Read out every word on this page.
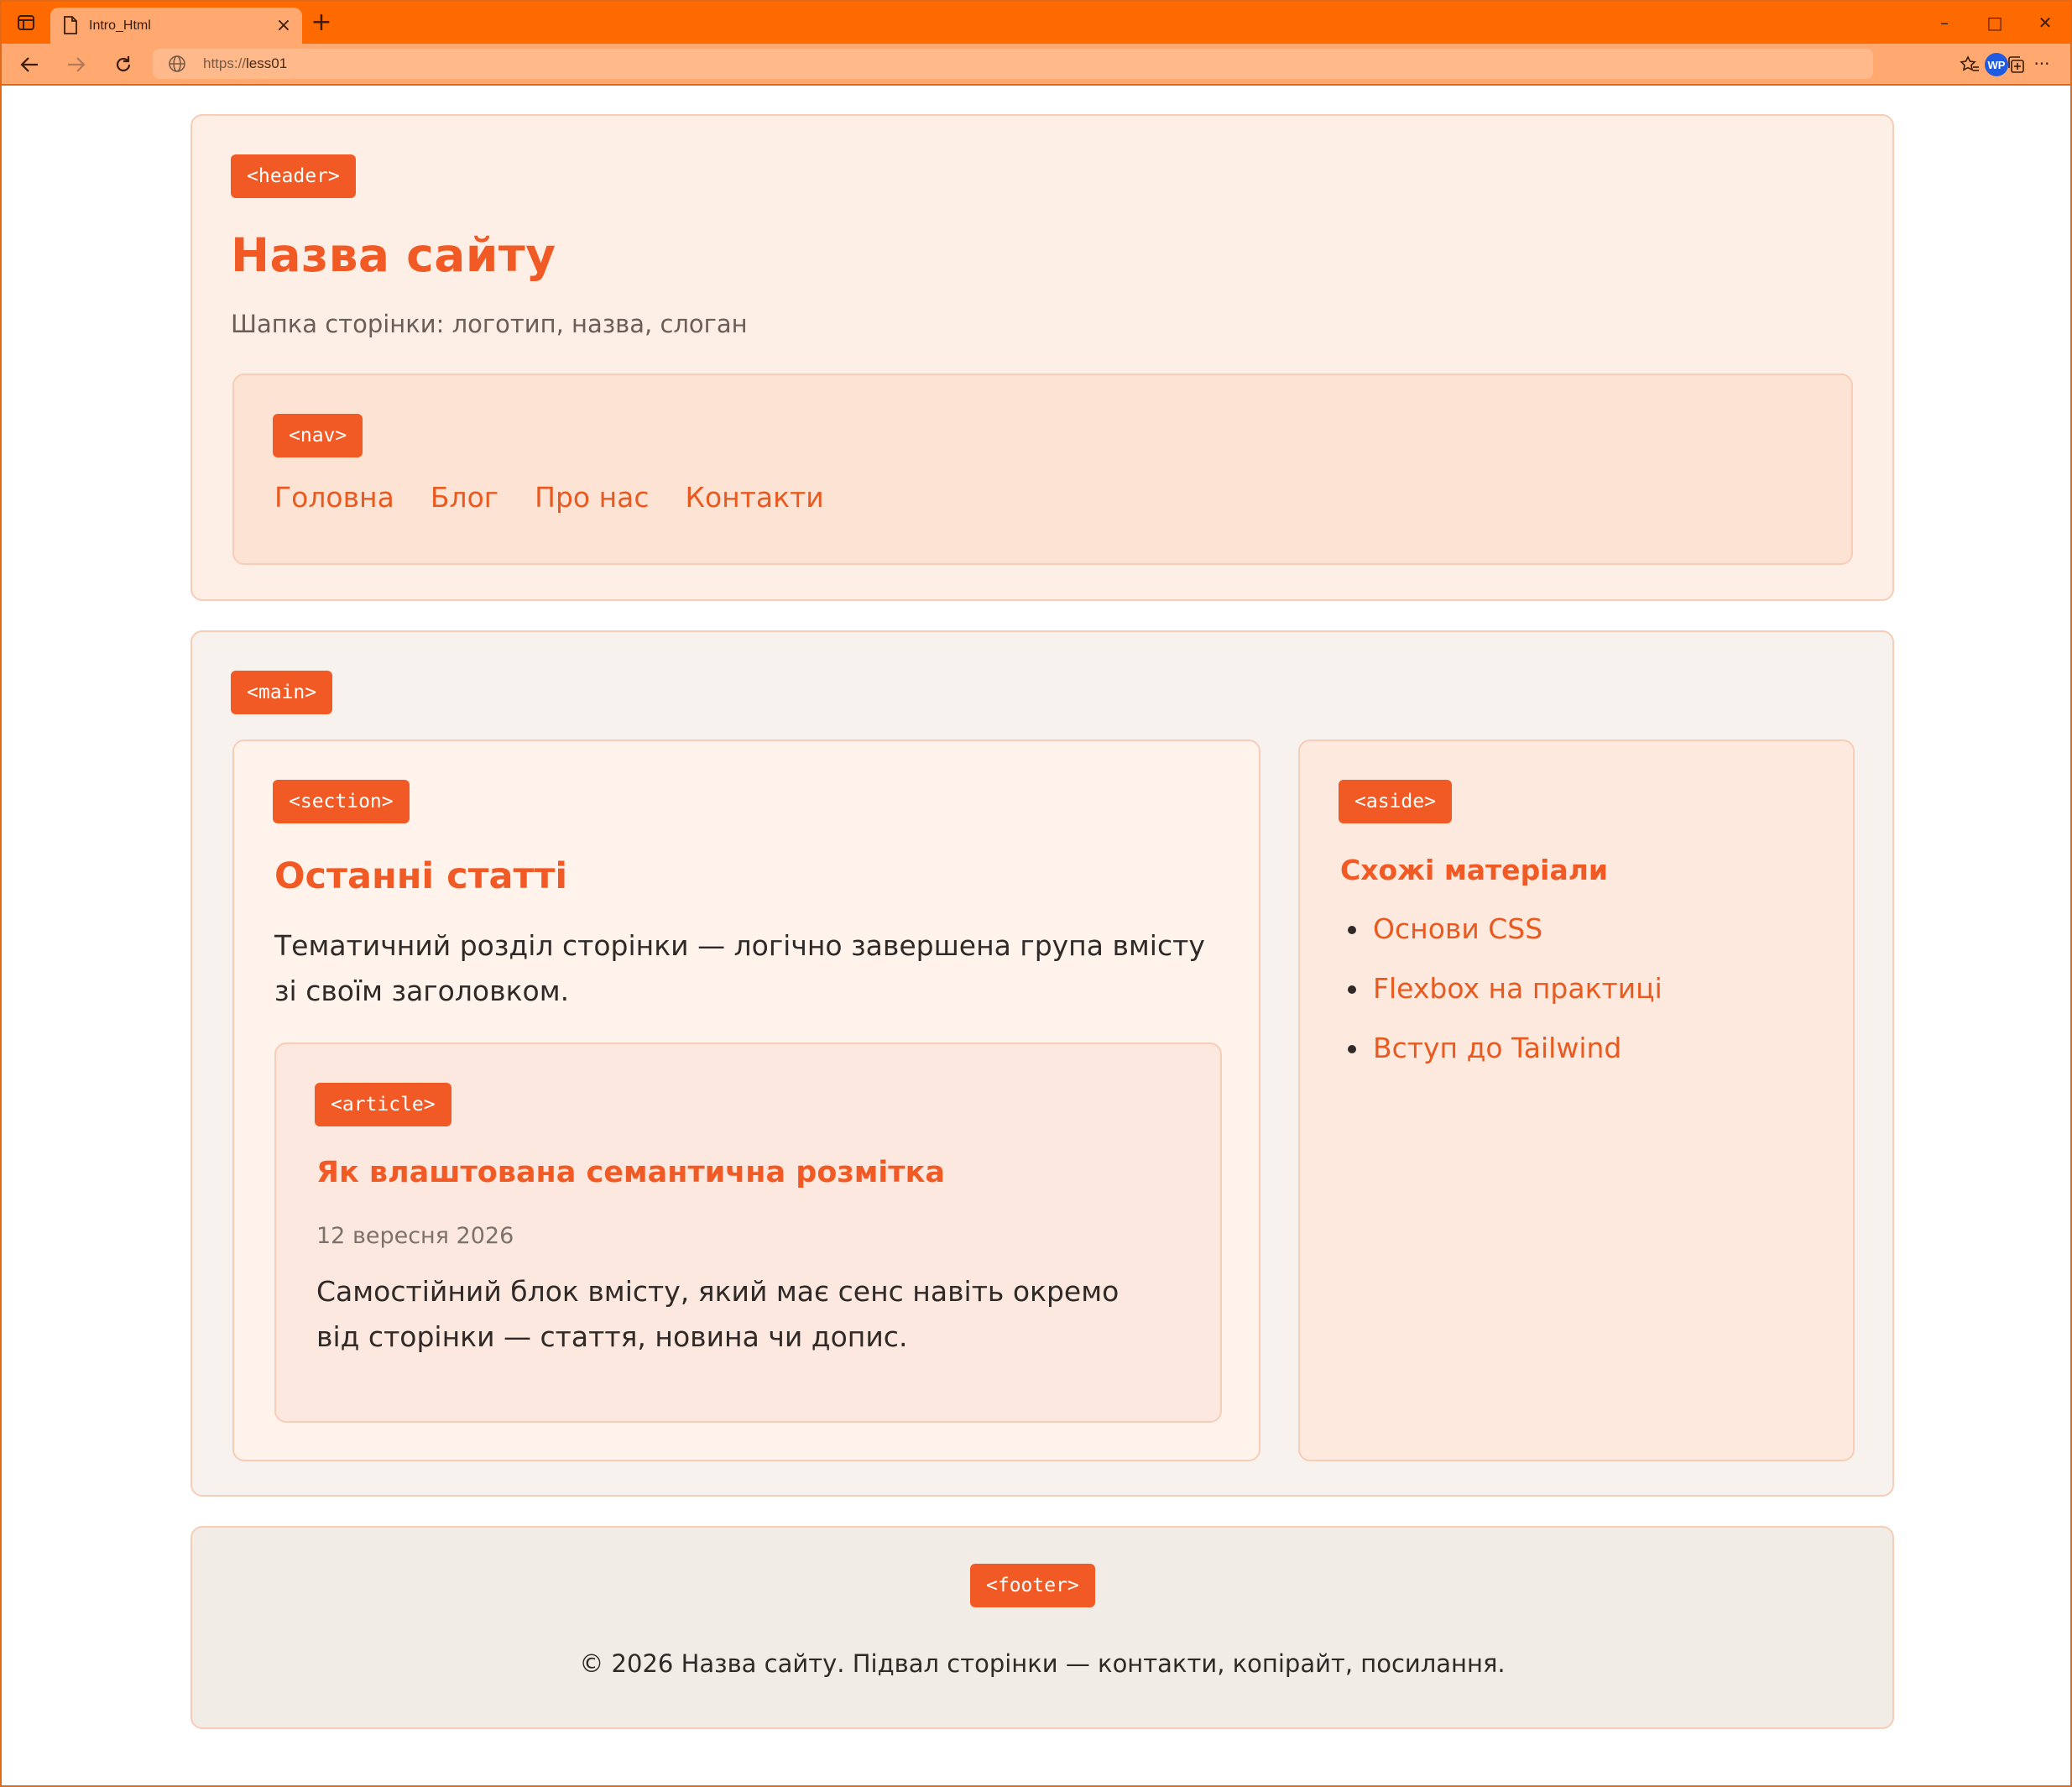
Intro_Html	× +	–	□	✕
https://less01	WP	···
<header>
Назва сайту
Шапка сторінки: логотип, назва, слоган
<nav>
Головна Блог Про нас Контакти
<main>
<section>
Останні статті
Тематичний розділ сторінки — логічно завершена група вмісту зі своїм заголовком.
<article>
Як влаштована семантична розмітка
12 вересня 2026
Самостійний блок вмісту, який має сенс навіть окремо від сторінки — стаття, новина чи допис.
<aside>
Схожі матеріали
Основи CSS
Flexbox на практиці
Вступ до Tailwind
<footer>
© 2026 Назва сайту. Підвал сторінки — контакти, копірайт, посилання.
